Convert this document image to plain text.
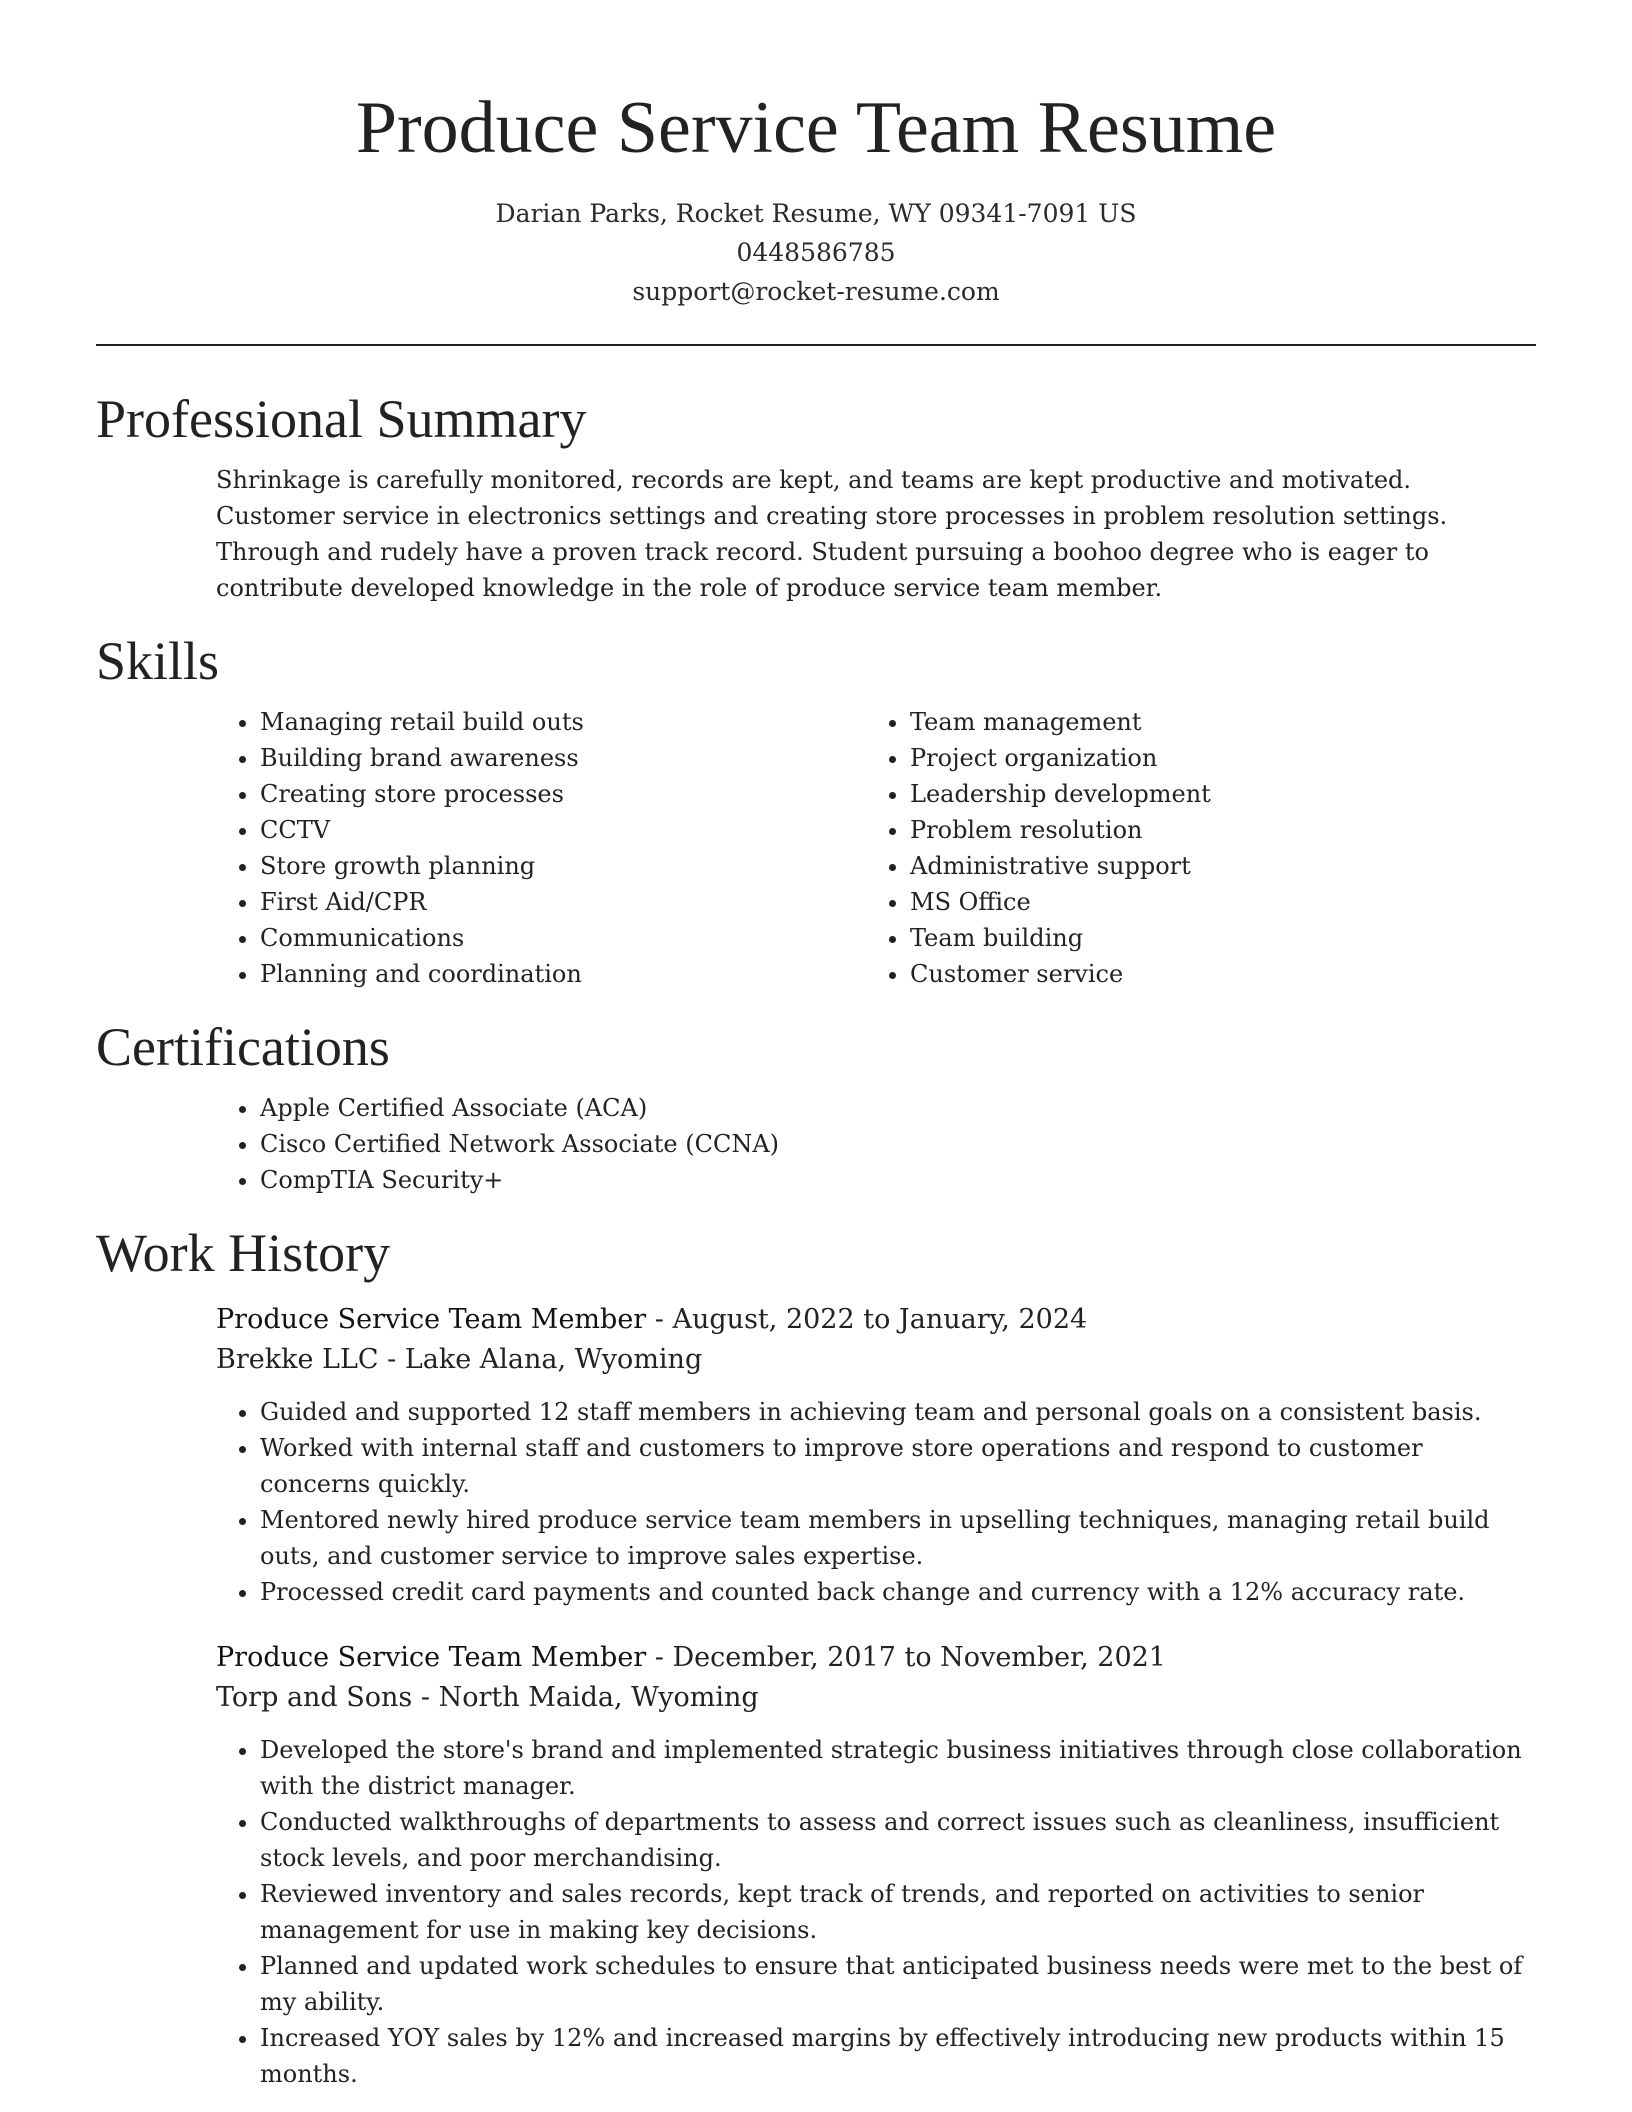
Produce Service Team Resume
Darian Parks, Rocket Resume, WY 09341-7091 US
0448586785
support@rocket-resume.com
Professional Summary

Shrinkage is carefully monitored, records are kept, and teams are kept productive and motivated. Customer service in electronics settings and creating store processes in problem resolution settings. Through and rudely have a proven track record. Student pursuing a boohoo degree who is eager to contribute developed knowledge in the role of produce service team member.

Skills
• Managing retail build outs
• Building brand awareness
• Creating store processes
• CCTV
• Store growth planning
• First Aid/CPR
• Communications
• Planning and coordination
• Team management
• Project organization
• Leadership development
• Problem resolution
• Administrative support
• MS Office
• Team building
• Customer service
Certifications
• Apple Certified Associate (ACA)
• Cisco Certified Network Associate (CCNA)
• CompTIA Security+
Work History

Produce Service Team Member - August, 2022 to January, 2024

Brekke LLC - Lake Alana, Wyoming

• Guided and supported 12 staff members in achieving team and personal goals on a consistent basis.
• Worked with internal staff and customers to improve store operations and respond to customer concerns quickly.
• Mentored newly hired produce service team members in upselling techniques, managing retail build outs, and customer service to improve sales expertise.
• Processed credit card payments and counted back change and currency with a 12% accuracy rate.

Produce Service Team Member - December, 2017 to November, 2021

Torp and Sons - North Maida, Wyoming

• Developed the store's brand and implemented strategic business initiatives through close collaboration with the district manager.
• Conducted walkthroughs of departments to assess and correct issues such as cleanliness, insufficient stock levels, and poor merchandising.
• Reviewed inventory and sales records, kept track of trends, and reported on activities to senior management for use in making key decisions.
• Planned and updated work schedules to ensure that anticipated business needs were met to the best of my ability.
• Increased YOY sales by 12% and increased margins by effectively introducing new products within 15 months.
